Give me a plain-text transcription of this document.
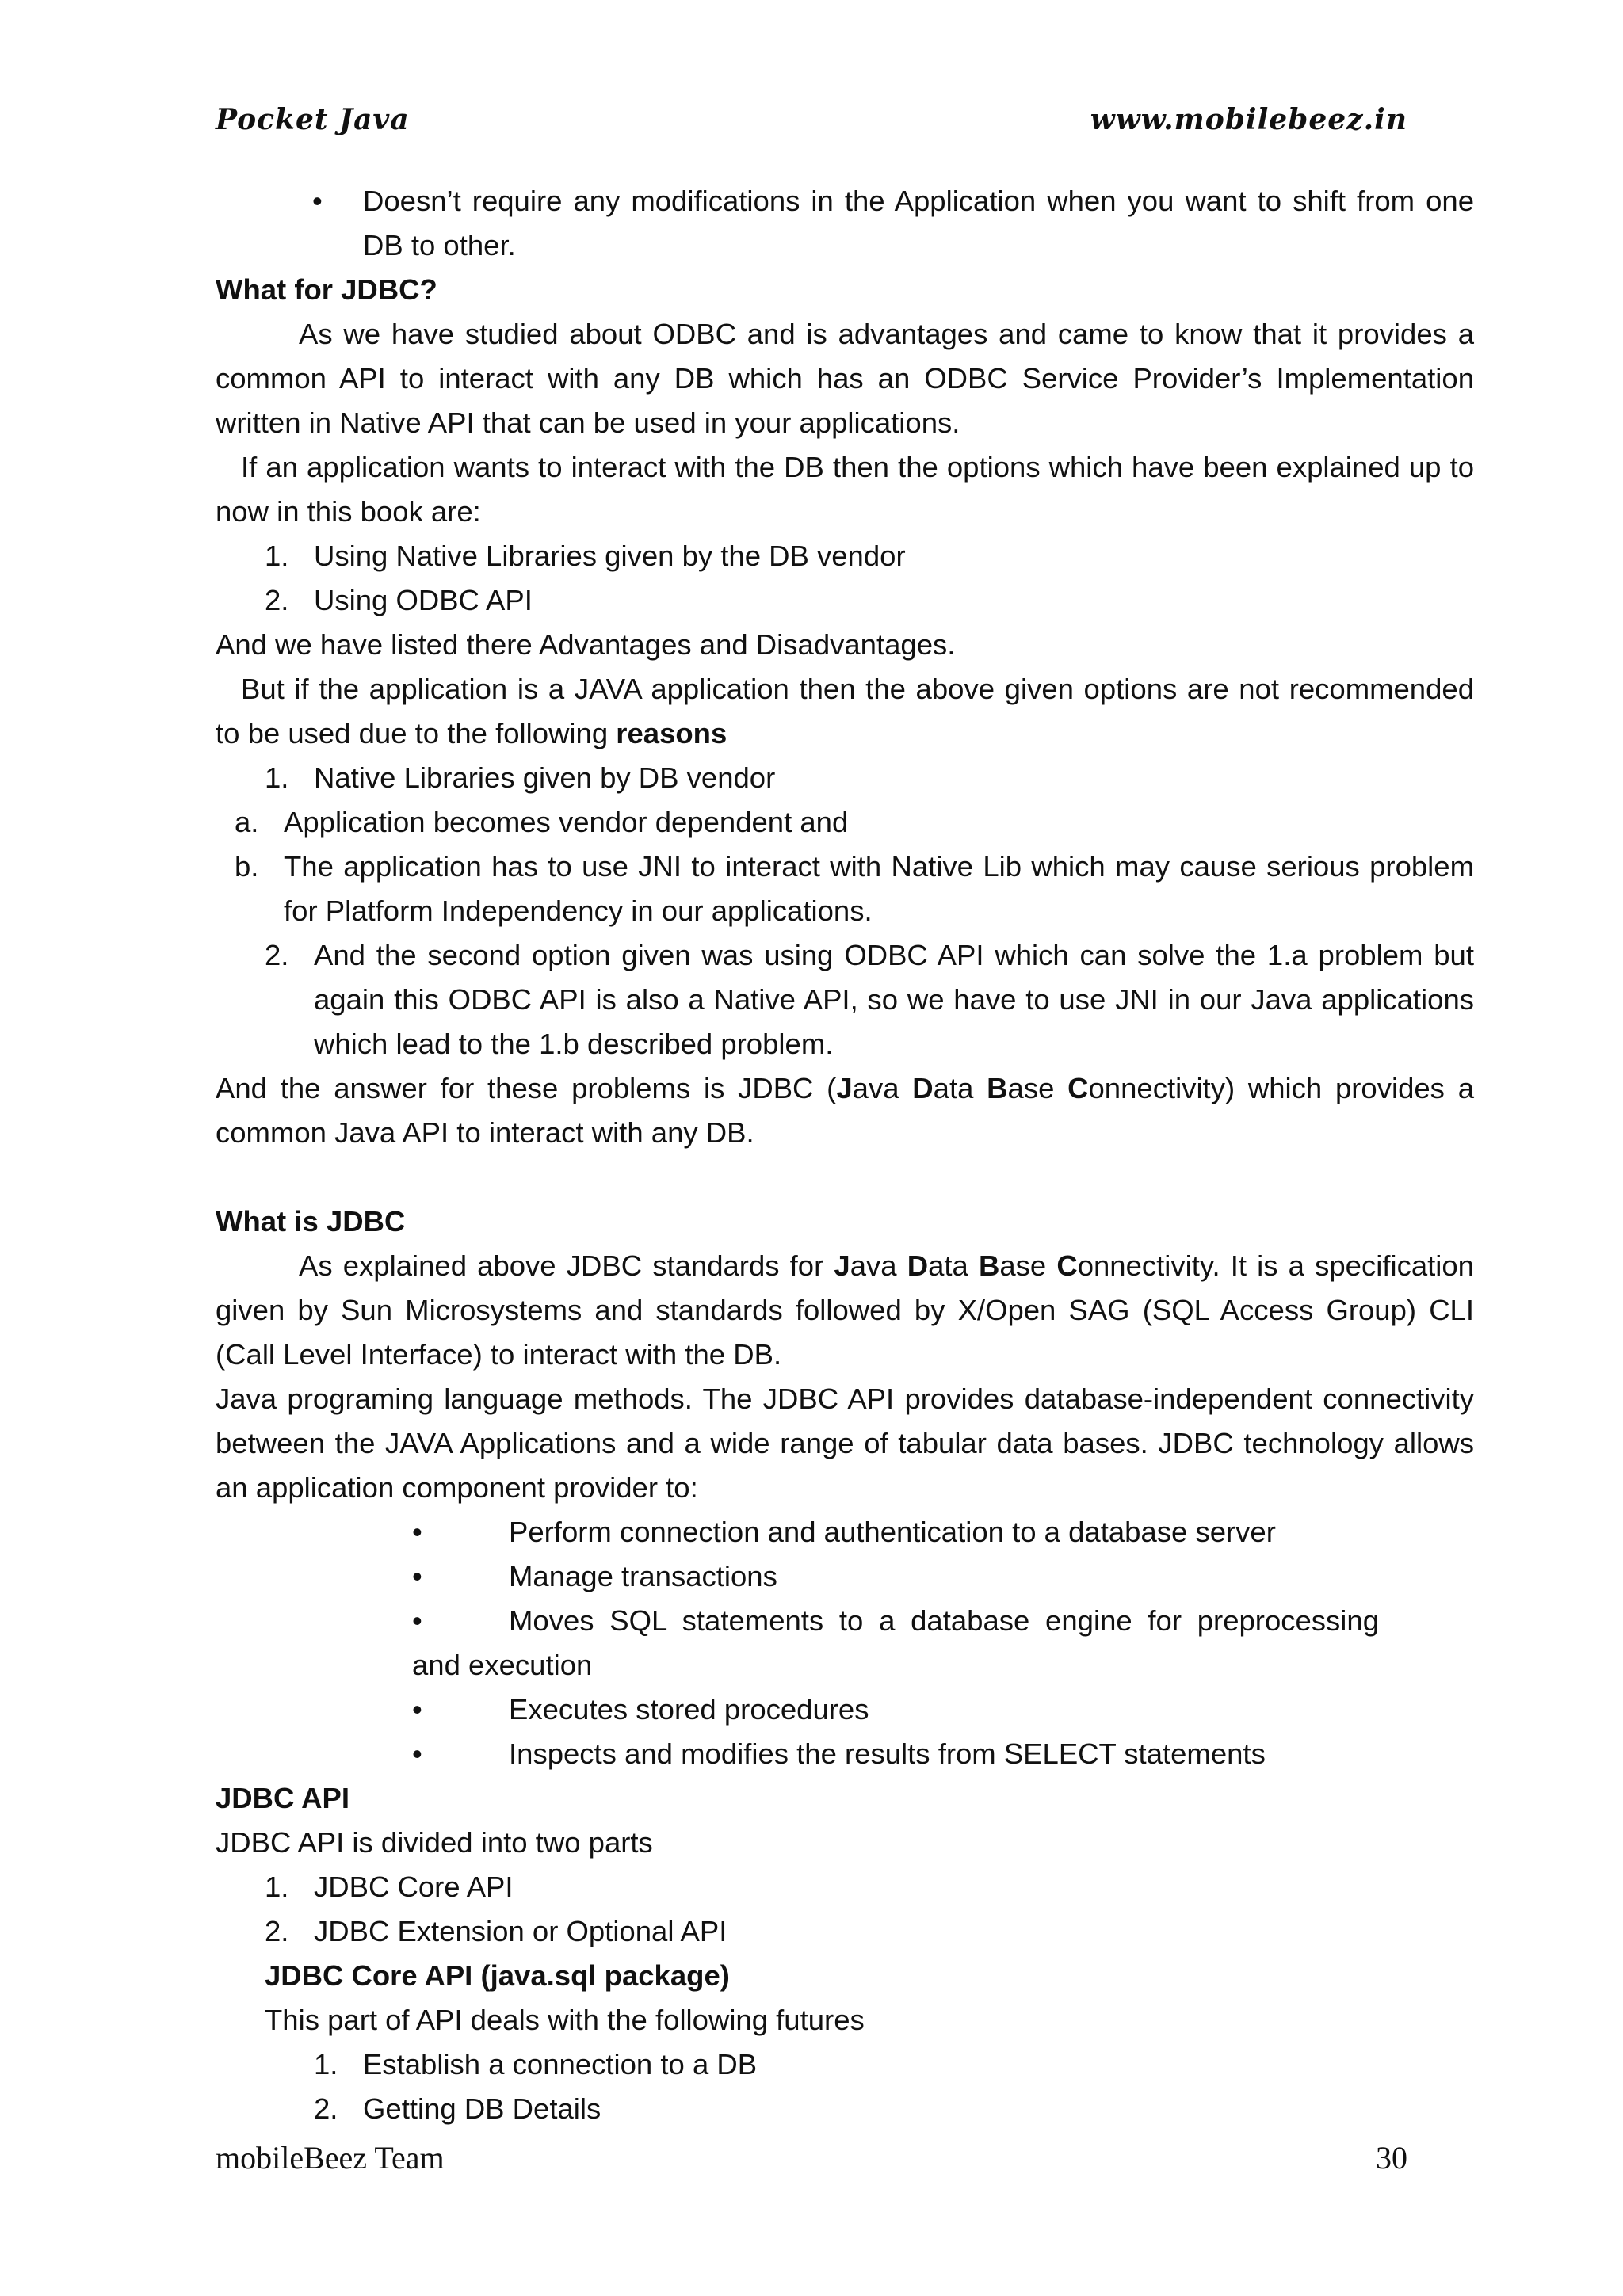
Pocket Java	www.mobilebeez.in
• Doesn’t require any modifications in the Application when you want to shift from one
DB to other.
What for JDBC?
As we have studied about ODBC and is advantages and came to know that it provides a
common API to interact with any DB which has an ODBC Service Provider’s Implementation
written in Native API that can be used in your applications.
If an application wants to interact with the DB then the options which have been explained up to
now in this book are:
1. Using Native Libraries given by the DB vendor
2. Using ODBC API
And we have listed there Advantages and Disadvantages.
But if the application is a JAVA application then the above given options are not recommended
to be used due to the following reasons
1. Native Libraries given by DB vendor
a. Application becomes vendor dependent and
b. The application has to use JNI to interact with Native Lib which may cause serious problem
for Platform Independency in our applications.
2. And the second option given was using ODBC API which can solve the 1.a problem but
again this ODBC API is also a Native API, so we have to use JNI in our Java applications
which lead to the 1.b described problem.
And the answer for these problems is JDBC (Java Data Base Connectivity) which provides a
common Java API to interact with any DB.
What is JDBC
As explained above JDBC standards for Java Data Base Connectivity. It is a specification
given by Sun Microsystems and standards followed by X/Open SAG (SQL Access Group) CLI
(Call Level Interface) to interact with the DB.
Java programing language methods. The JDBC API provides database-independent connectivity
between the JAVA Applications and a wide range of tabular data bases. JDBC technology allows
an application component provider to:
•	Perform connection and authentication to a database server
•	Manage transactions
•	Moves SQL statements to a database engine for preprocessing
and execution
•	Executes stored procedures
•	Inspects and modifies the results from SELECT statements
JDBC API
JDBC API is divided into two parts
1. JDBC Core API
2. JDBC Extension or Optional API
JDBC Core API (java.sql package)
This part of API deals with the following futures
1. Establish a connection to a DB
2. Getting DB Details
mobileBeez Team	30
